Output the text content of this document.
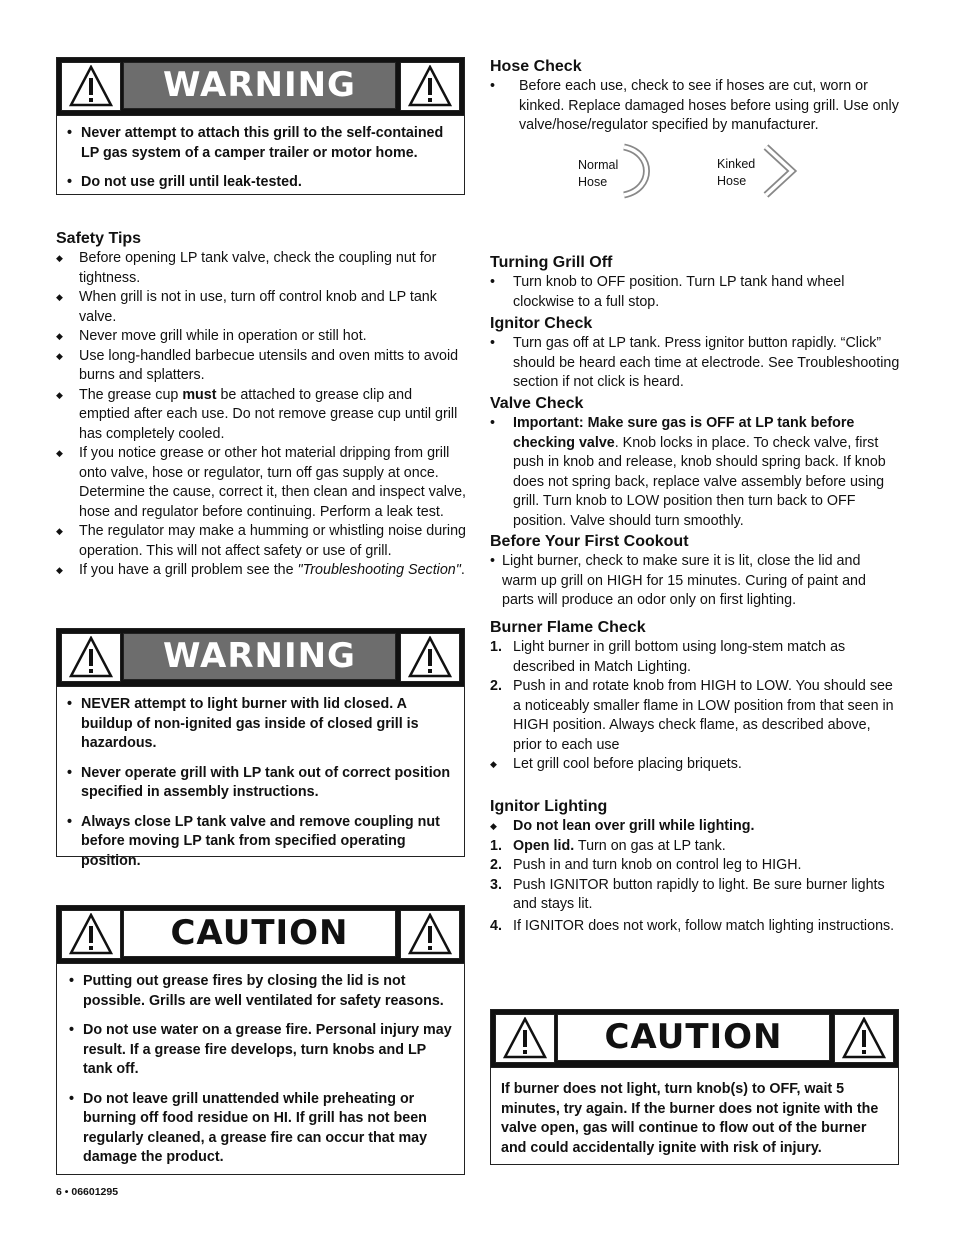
WARNING
• Never attempt to attach this grill to the self-contained LP gas system of a camper trailer or motor home.
• Do not use grill until leak-tested.
Safety Tips
◆	Before opening LP tank valve, check the coupling nut for tightness.
◆	When grill is not in use, turn off control knob and LP tank valve.
◆	Never move grill while in operation or still hot.
◆	Use long-handled barbecue utensils and oven mitts to avoid burns and splatters.
◆	The grease cup must be attached to grease clip and emptied after each use. Do not remove grease cup until grill has completely cooled.
◆	If you notice grease or other hot material dripping from grill onto valve, hose or regulator, turn off gas supply at once. Determine the cause, correct it, then clean and inspect valve, hose and regulator before continuing. Perform a leak test.
◆	The regulator may make a humming or whistling noise during operation. This will not affect safety or use of grill.
◆	If you have a grill problem see the "Troubleshooting Section".
WARNING
• NEVER attempt to light burner with lid closed. A buildup of non-ignited gas inside of closed grill is hazardous.
• Never operate grill with LP tank out of correct position specified in assembly instructions.
• Always close LP tank valve and remove coupling nut before moving LP tank from specified operating position.
CAUTION
• Putting out grease fires by closing the lid is not possible. Grills are well ventilated for safety reasons.
• Do not use water on a grease fire. Personal injury may result. If a grease fire develops, turn knobs and LP tank off.
• Do not leave grill unattended while preheating or burning off food residue on HI. If grill has not been regularly cleaned, a grease fire can occur that may damage the product.
6 • 06601295
Hose Check
•	Before each use, check to see if hoses are cut, worn or kinked. Replace damaged hoses before using grill. Use only valve/hose/regulator specified by manufacturer.
Normal
Hose
Kinked
Hose
Turning Grill Off
•	Turn knob to OFF position. Turn LP tank hand wheel clockwise to a full stop.
Ignitor Check
•	Turn gas off at LP tank. Press ignitor button rapidly. “Click” should be heard each time at electrode. See Troubleshooting section if not click is heard.
Valve Check
•	Important: Make sure gas is OFF at LP tank before checking valve. Knob locks in place. To check valve, first push in knob and release, knob should spring back. If knob does not spring back, replace valve assembly before using grill. Turn knob to LOW position then turn back to OFF position. Valve should turn smoothly.
Before Your First Cookout
• Light burner, check to make sure it is lit, close the lid and warm up grill on HIGH for 15 minutes. Curing of paint and parts will produce an odor only on first lighting.
Burner Flame Check
1. Light burner in grill bottom using long-stem match as described in Match Lighting.
2. Push in and rotate knob from HIGH to LOW. You should see a noticeably smaller flame in LOW position from that seen in HIGH position. Always check flame, as described above, prior to each use
◆	Let grill cool before placing briquets.
Ignitor Lighting
◆	Do not lean over grill while lighting.
1. Open lid. Turn on gas at LP tank.
2. Push in and turn knob on control leg to HIGH.
3. Push IGNITOR button rapidly to light. Be sure burner lights and stays lit.
4. If IGNITOR does not work, follow match lighting instructions.
CAUTION
If burner does not light, turn knob(s) to OFF, wait 5 minutes, try again. If the burner does not ignite with the valve open, gas will continue to flow out of the burner and could accidentally ignite with risk of injury.
